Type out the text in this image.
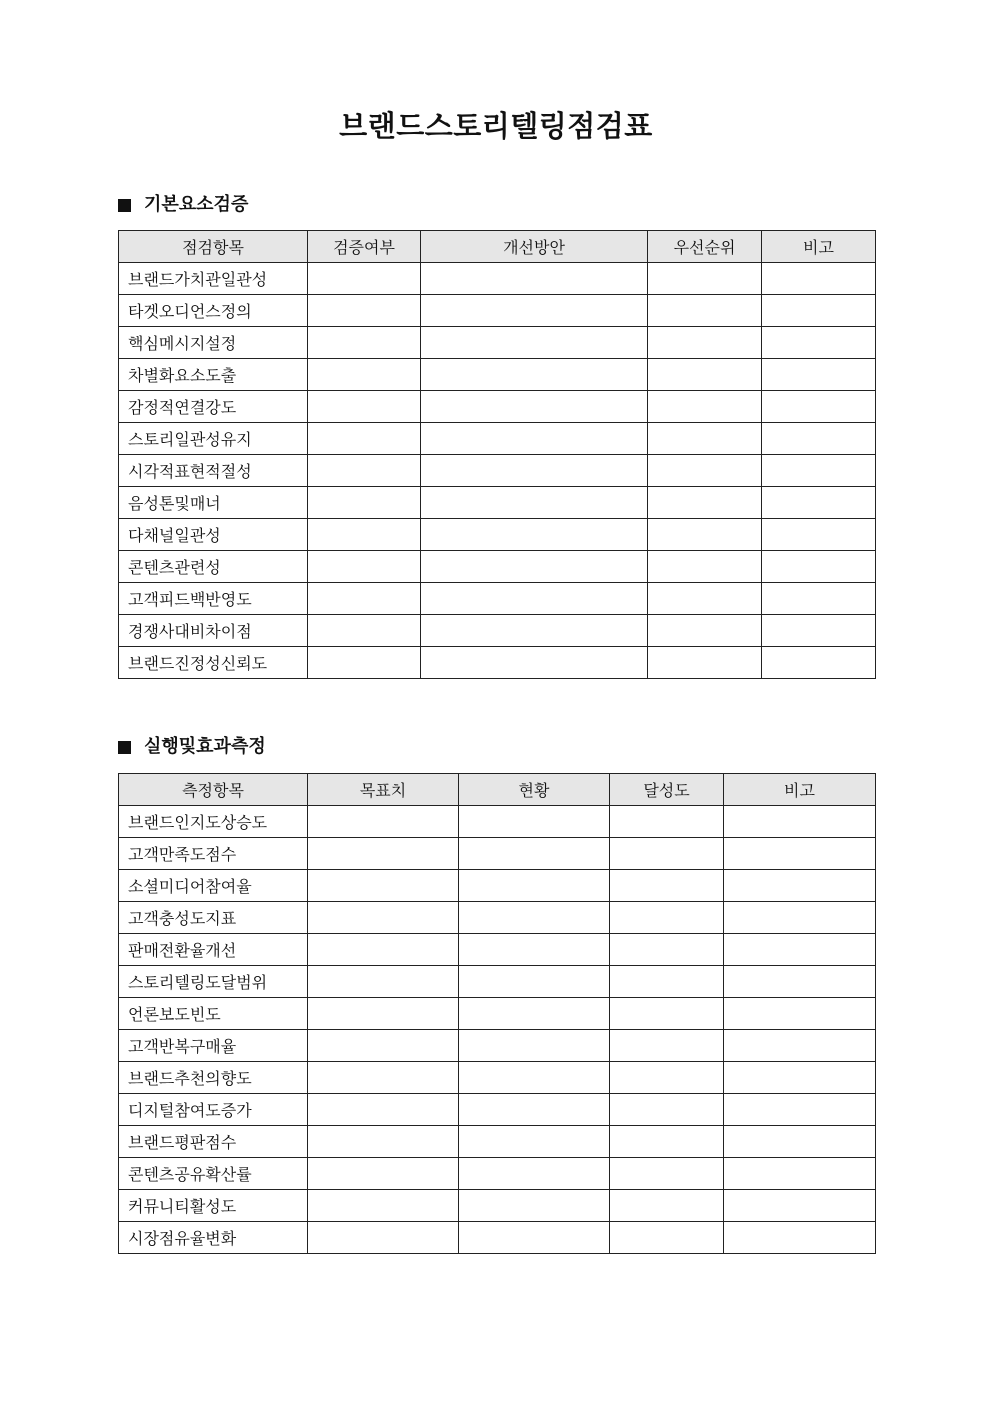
브랜드스토리텔링점검표
기본요소검증
점검항목	검증여부	개선방안	우선순위	비고
브랜드가치관일관성				
타겟오디언스정의				
핵심메시지설정				
차별화요소도출				
감정적연결강도				
스토리일관성유지				
시각적표현적절성				
음성톤및매너				
다채널일관성				
콘텐츠관련성				
고객피드백반영도				
경쟁사대비차이점				
브랜드진정성신뢰도				
실행및효과측정
측정항목	목표치	현황	달성도	비고
브랜드인지도상승도				
고객만족도점수				
소셜미디어참여율				
고객충성도지표				
판매전환율개선				
스토리텔링도달범위				
언론보도빈도				
고객반복구매율				
브랜드추천의향도				
디지털참여도증가				
브랜드평판점수				
콘텐츠공유확산률				
커뮤니티활성도				
시장점유율변화				
